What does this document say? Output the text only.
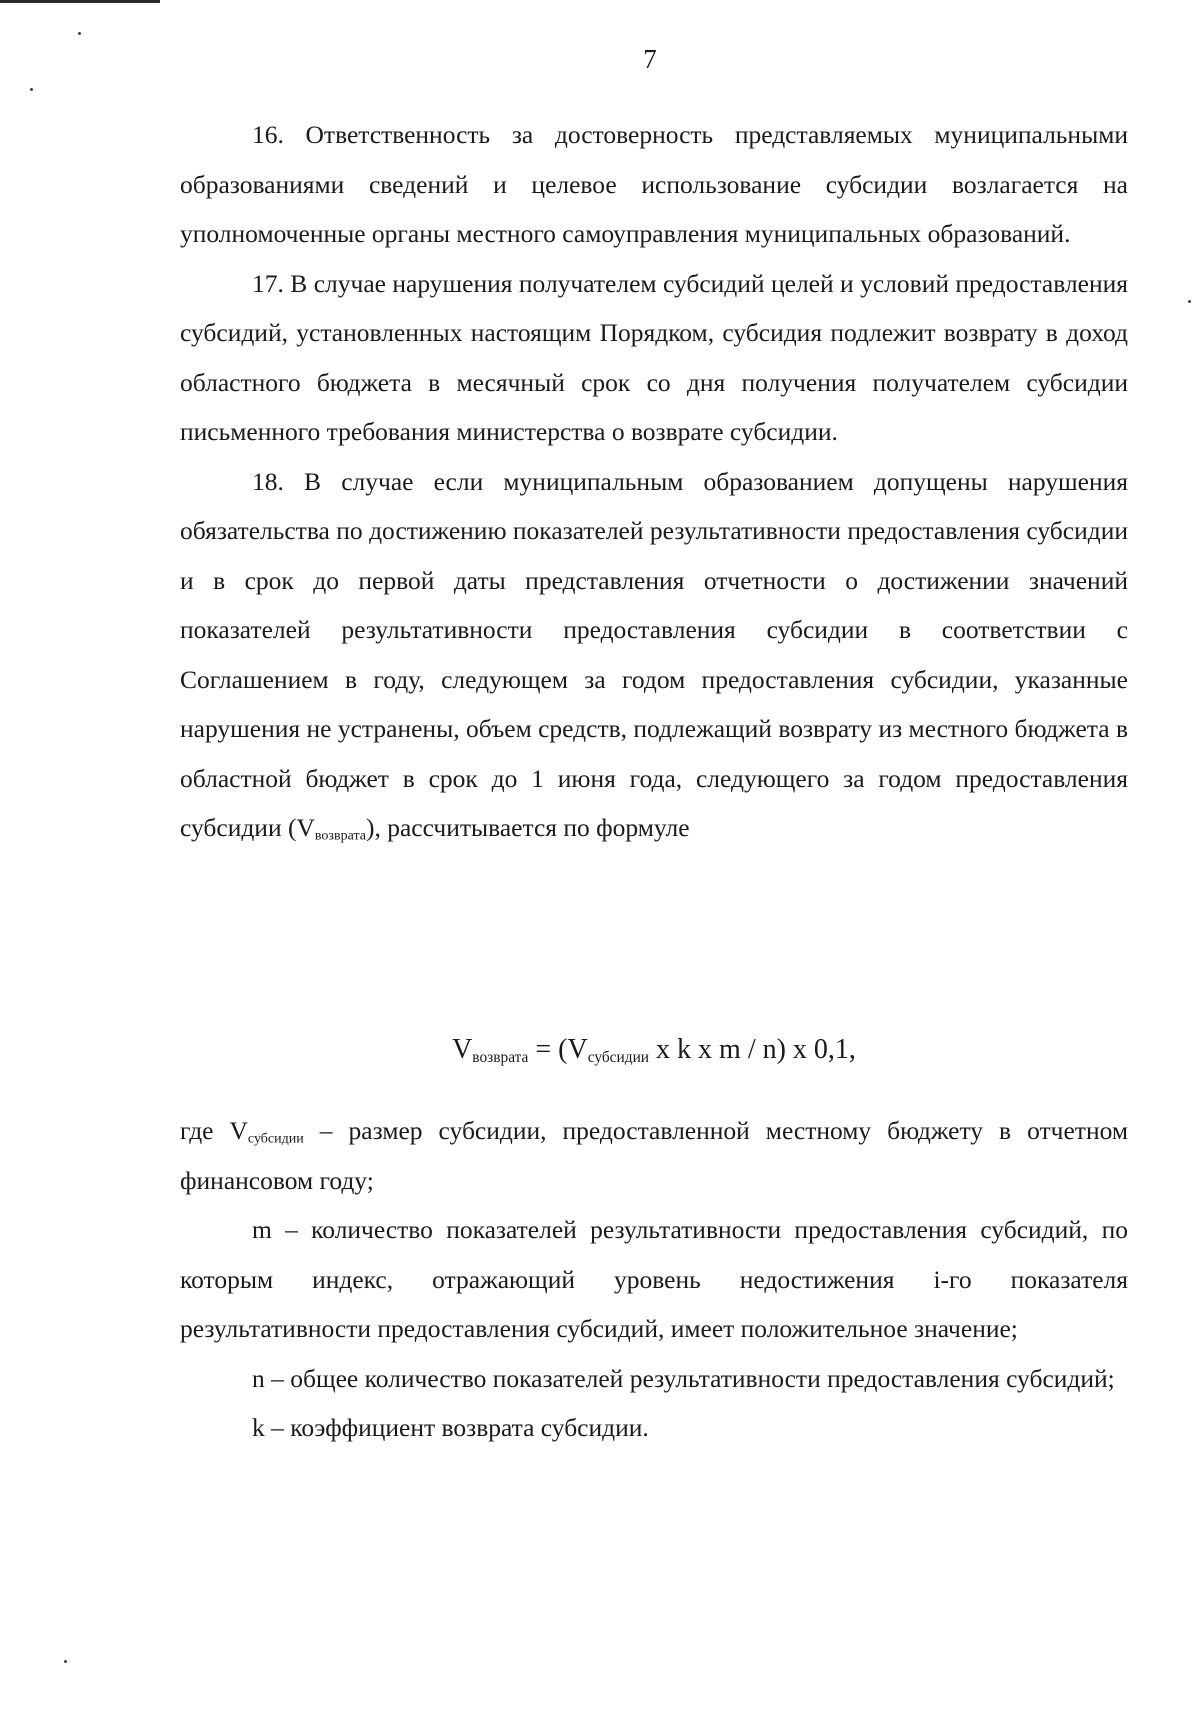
7

16. Ответственность за достоверность представляемых муниципальными образованиями сведений и целевое использование субсидии возлагается на уполномоченные органы местного самоуправления муниципальных образований.

17. В случае нарушения получателем субсидий целей и условий предоставления субсидий, установленных настоящим Порядком, субсидия подлежит возврату в доход областного бюджета в месячный срок со дня получения получателем субсидии письменного требования министерства о возврате субсидии.

18. В случае если муниципальным образованием допущены нарушения обязательства по достижению показателей результативности предоставления субсидии и в срок до первой даты представления отчетности о достижении значений показателей результативности предоставления субсидии в соответствии с Соглашением в году, следующем за годом предоставления субсидии, указанные нарушения не устранены, объем средств, подлежащий возврату из местного бюджета в областной бюджет в срок до 1 июня года, следующего за годом предоставления субсидии $(V_{возврата})$, рассчитывается по формуле

$V_{возврата} = (V_{субсидии}$ x k x m / n) x 0,1,

где $V_{субсидии}$ – размер субсидии, предоставленной местному бюджету в отчетном финансовом году;

m – количество показателей результативности предоставления субсидий, по которым индекс, отражающий уровень недостижения i-го показателя результативности предоставления субсидий, имеет положительное значение;

n – общее количество показателей результативности предоставления субсидий;

k – коэффициент возврата субсидии.
